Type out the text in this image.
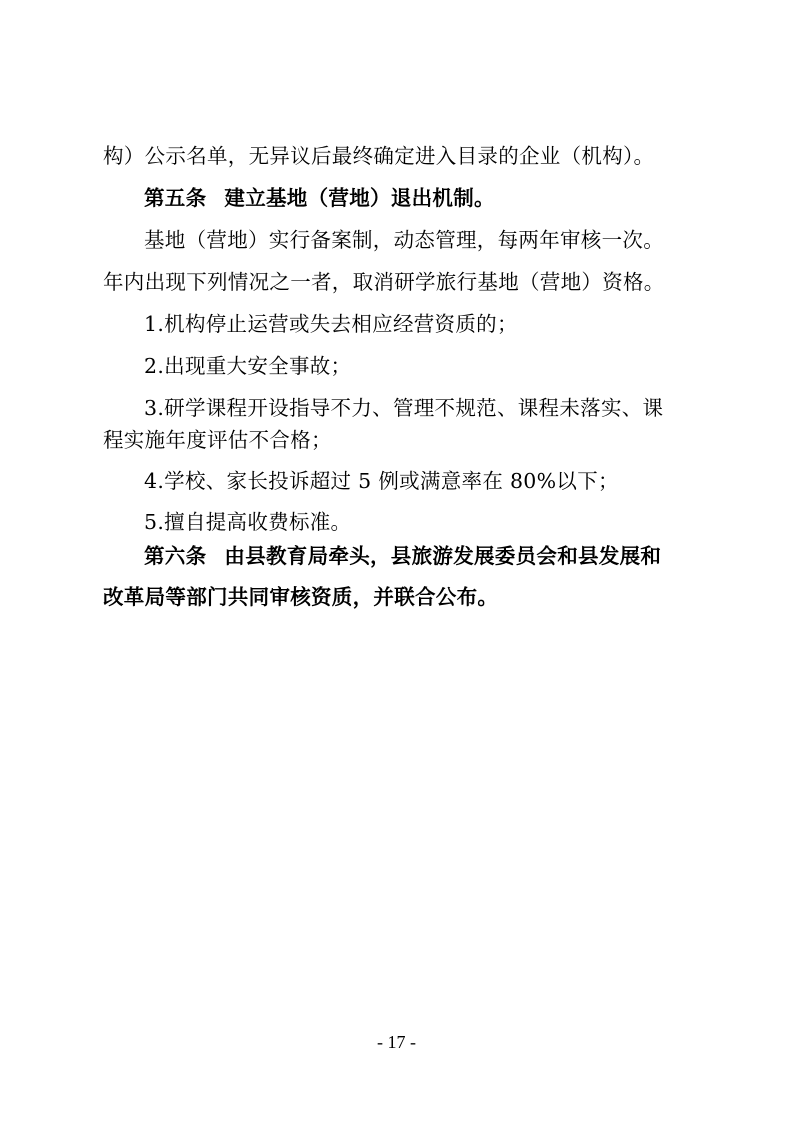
构）公示名单，无异议后最终确定进入目录的企业（机构）。
第五条 建立基地（营地）退出机制。
基地（营地）实行备案制，动态管理，每两年审核一次。
年内出现下列情况之一者，取消研学旅行基地（营地）资格。
1.机构停止运营或失去相应经营资质的；
2.出现重大安全事故；
3.研学课程开设指导不力、管理不规范、课程未落实、课
程实施年度评估不合格；
4.学校、家长投诉超过 5 例或满意率在 80%以下；
5.擅自提高收费标准。
第六条 由县教育局牵头，县旅游发展委员会和县发展和
改革局等部门共同审核资质，并联合公布。
- 17 -
